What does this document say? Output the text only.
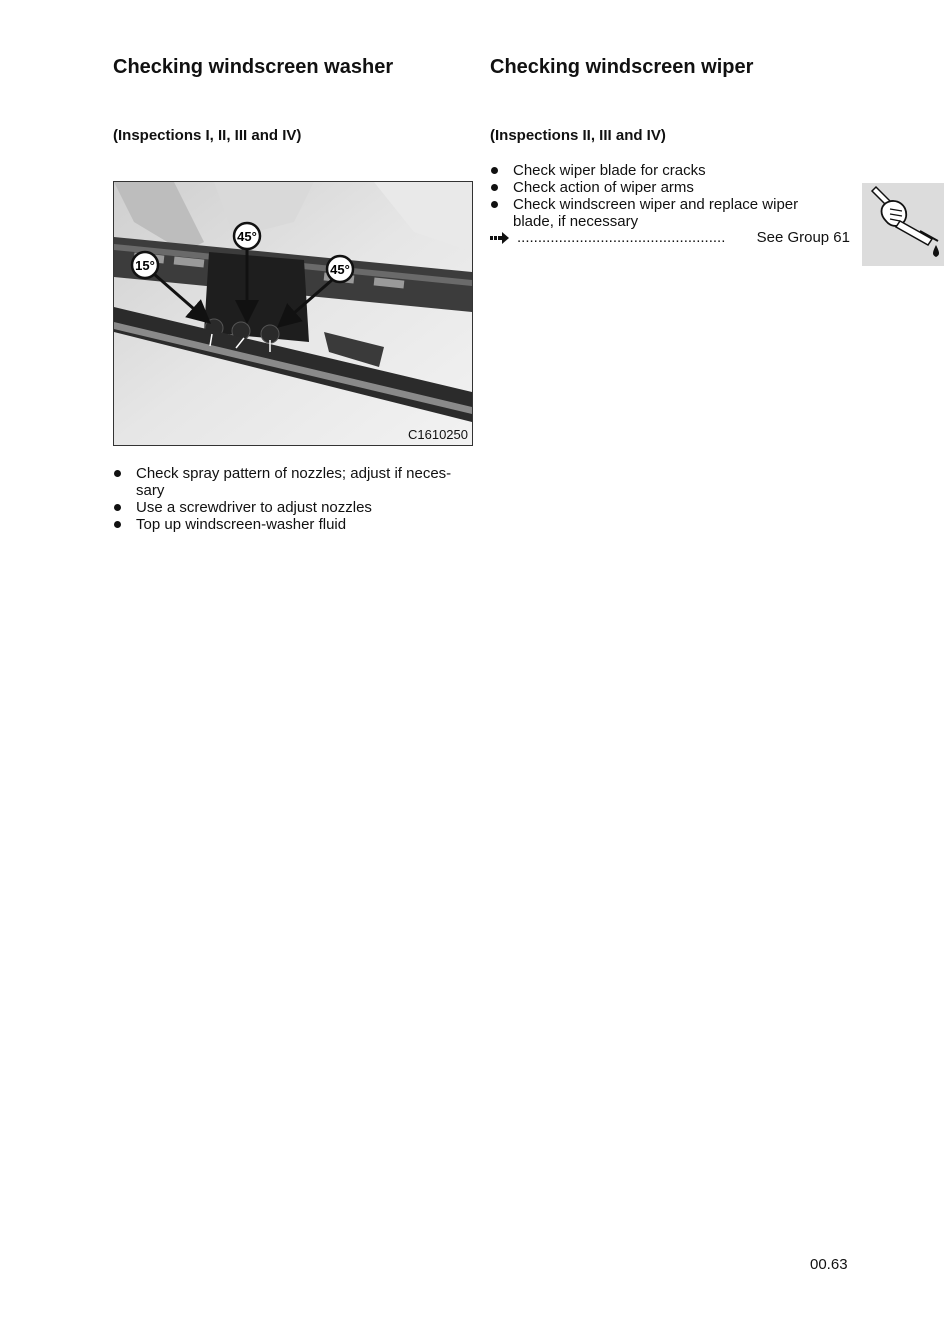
Checking windscreen washer
(Inspections I, II, III and IV)
15°
45°
45°
C1610250
Check spray pattern of nozzles; adjust if neces-sary
Use a screwdriver to adjust nozzles
Top up windscreen-washer fluid
Checking windscreen wiper
(Inspections II, III and IV)
Check wiper blade for cracks
Check action of wiper arms
Check windscreen wiper and replace wiper blade, if necessary
..................................................	See Group 61
00.63
